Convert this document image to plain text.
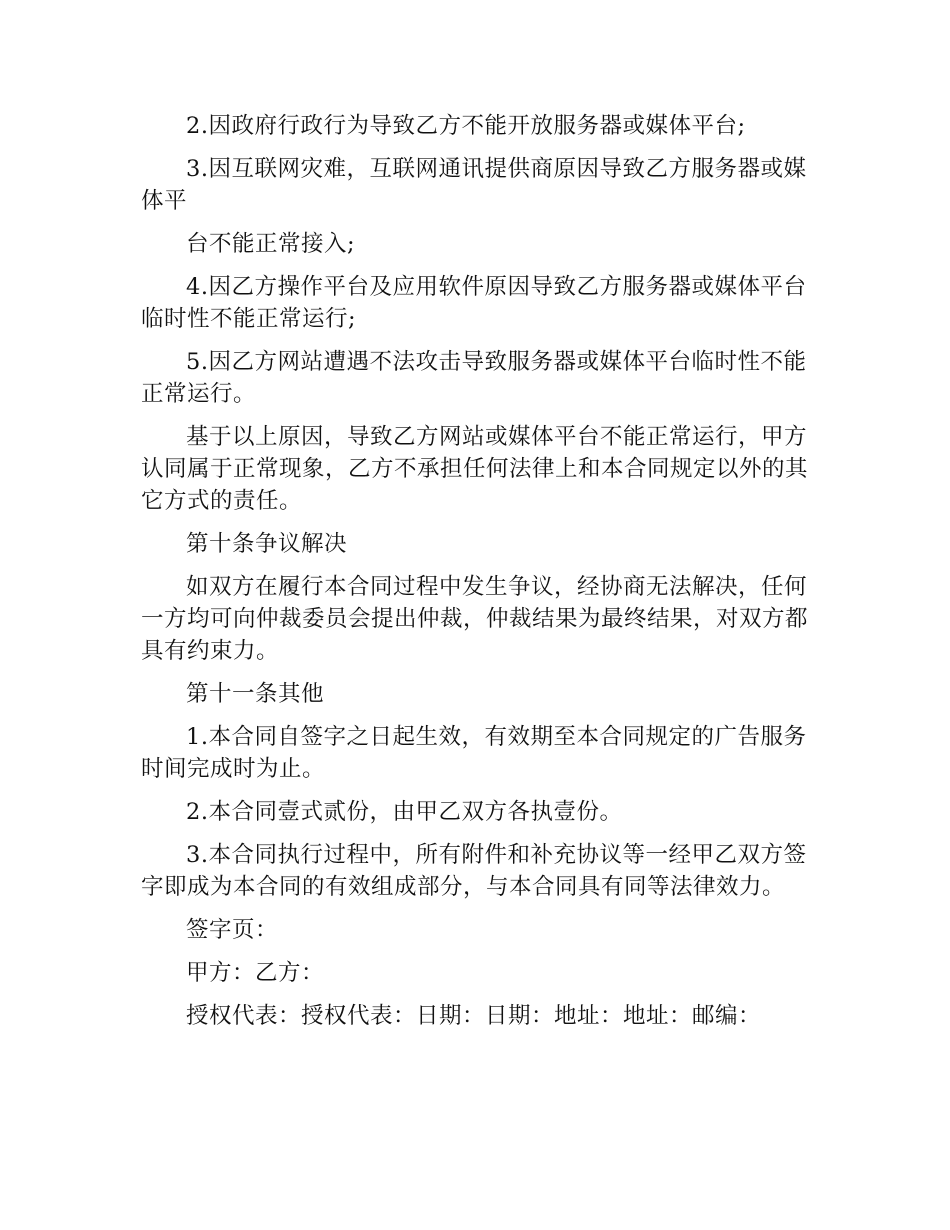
2.因政府行政行为导致乙方不能开放服务器或媒体平台;

3.因互联网灾难，互联网通讯提供商原因导致乙方服务器或媒体平

台不能正常接入;

4.因乙方操作平台及应用软件原因导致乙方服务器或媒体平台临时性不能正常运行;

5.因乙方网站遭遇不法攻击导致服务器或媒体平台临时性不能正常运行。

基于以上原因，导致乙方网站或媒体平台不能正常运行，甲方认同属于正常现象，乙方不承担任何法律上和本合同规定以外的其它方式的责任。

第十条争议解决

如双方在履行本合同过程中发生争议，经协商无法解决，任何一方均可向仲裁委员会提出仲裁，仲裁结果为最终结果，对双方都具有约束力。

第十一条其他

1.本合同自签字之日起生效，有效期至本合同规定的广告服务时间完成时为止。

2.本合同壹式贰份，由甲乙双方各执壹份。

3.本合同执行过程中，所有附件和补充协议等一经甲乙双方签字即成为本合同的有效组成部分，与本合同具有同等法律效力。

签字页：

甲方：乙方：

授权代表：授权代表：日期：日期：地址：地址：邮编：
